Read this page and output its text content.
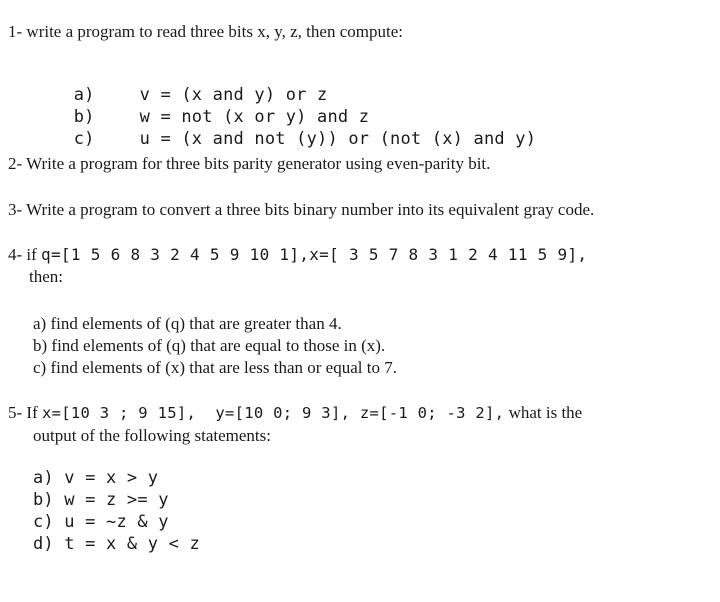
1- write a program to read three bits x, y, z, then compute:

a)	v = (x and y) or z

b)	w = not (x or y) and z

c)	u = (x and not (y)) or (not (x) and y)

2- Write a program for three bits parity generator using even-parity bit.
3- Write a program to convert a three bits binary number into its equivalent gray code.
4- if q=[1 5 6 8 3 2 4 5 9 10 1],x=[ 3 5 7 8 3 1 2 4 11 5 9],
then:
a) find elements of (q) that are greater than 4.
b) find elements of (q) that are equal to those in (x).
c) find elements of (x) that are less than or equal to 7.
5- If x=[10 3 ; 9 15],  y=[10 0; 9 3], z=[-1 0; -3 2], what is the
output of the following statements:
a) v = x > y
b) w = z >= y
c) u = ~z & y
d) t = x & y < z
